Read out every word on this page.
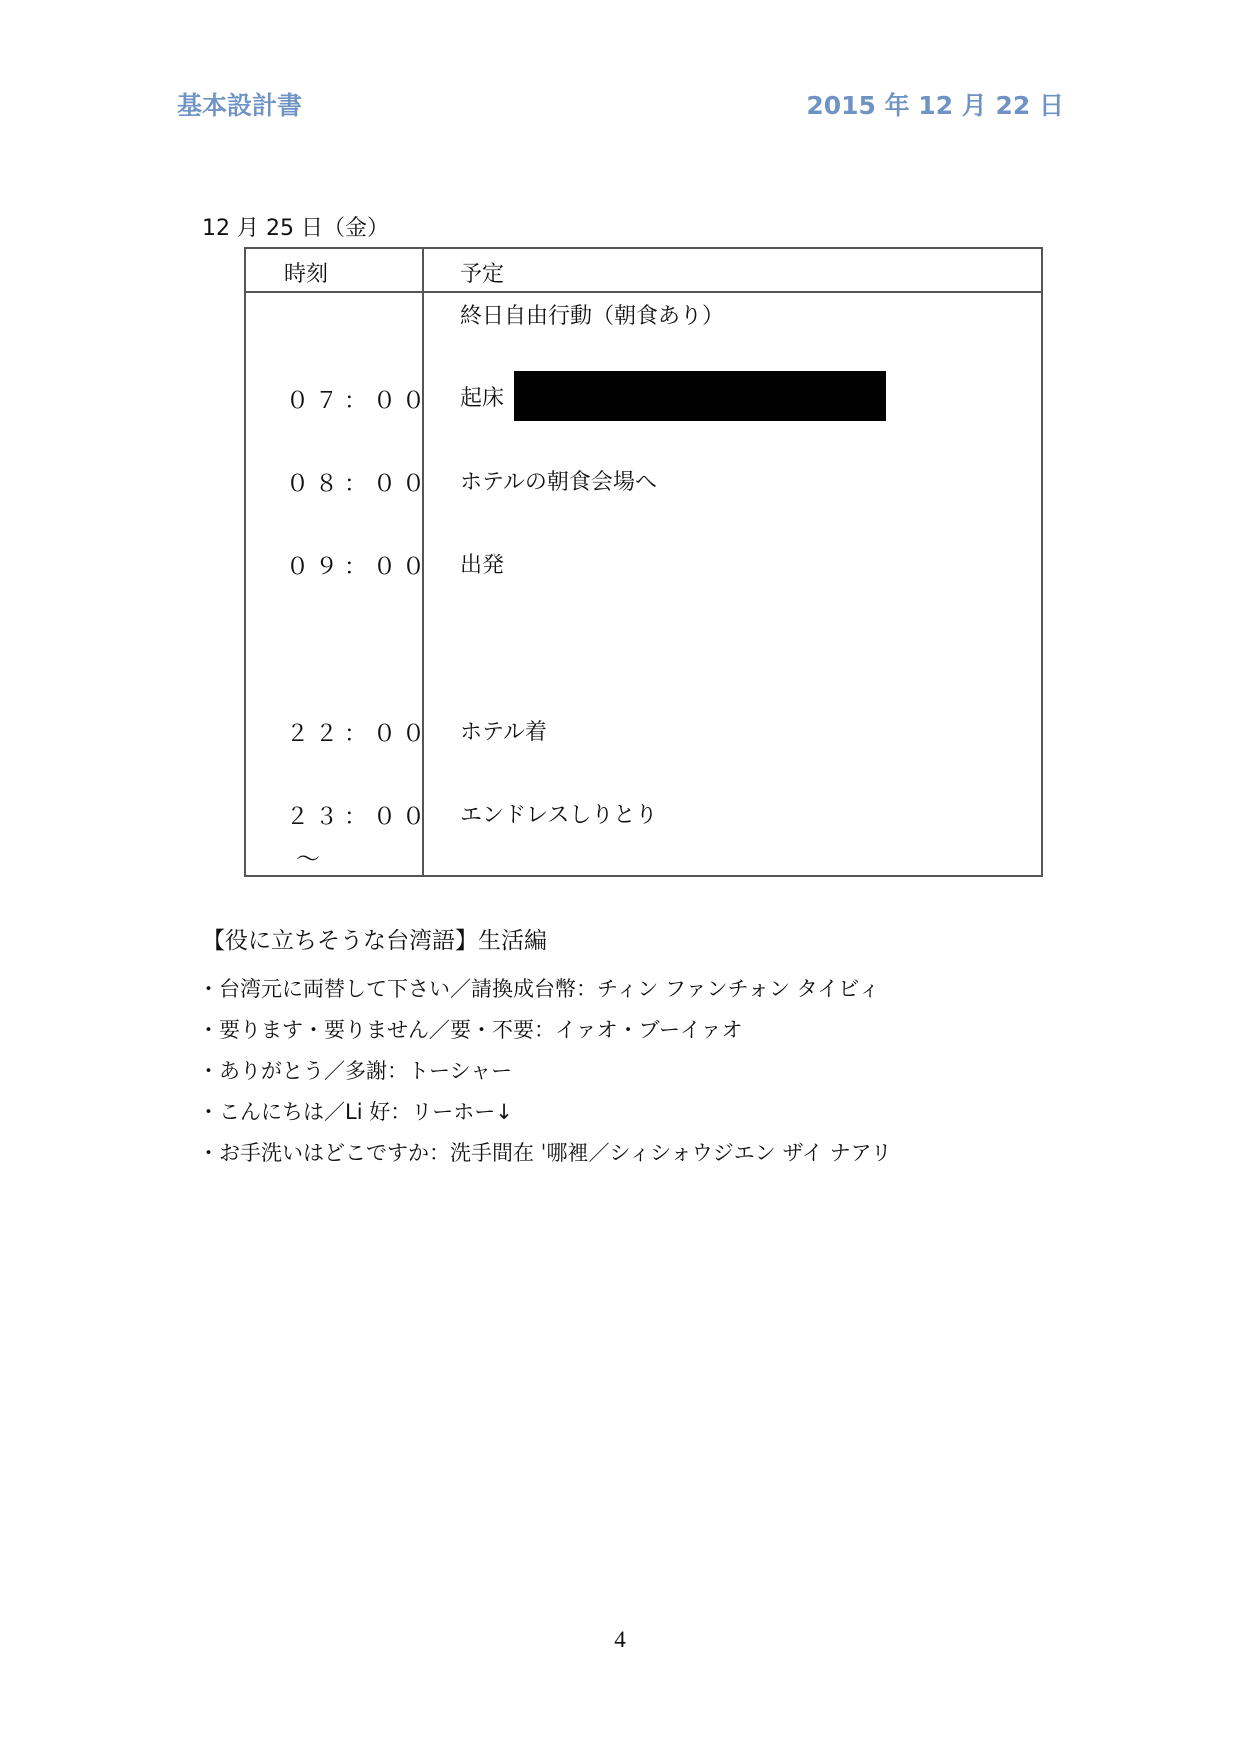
基本設計書	2015 年 12 月 22 日
12 月 25 日（金）
時刻	予定
終日自由行動（朝食あり）
０７：００ 起床
０８：００ ホテルの朝食会場へ
０９：００ 出発
２２：００ ホテル着
２３：００ エンドレスしりとり
～
【役に立ちそうな台湾語】生活編
・台湾元に両替して下さい／請換成台幣：チィン ファンチォン タイビィ
・要ります・要りません／要・不要：イァオ・ブーイァオ
・ありがとう／多謝：トーシャー
・こんにちは／Li 好：リーホー↓
・お手洗いはどこですか：洗手間在 ˈ哪裡／シィシォウジエン ザイ ナアリ
4
